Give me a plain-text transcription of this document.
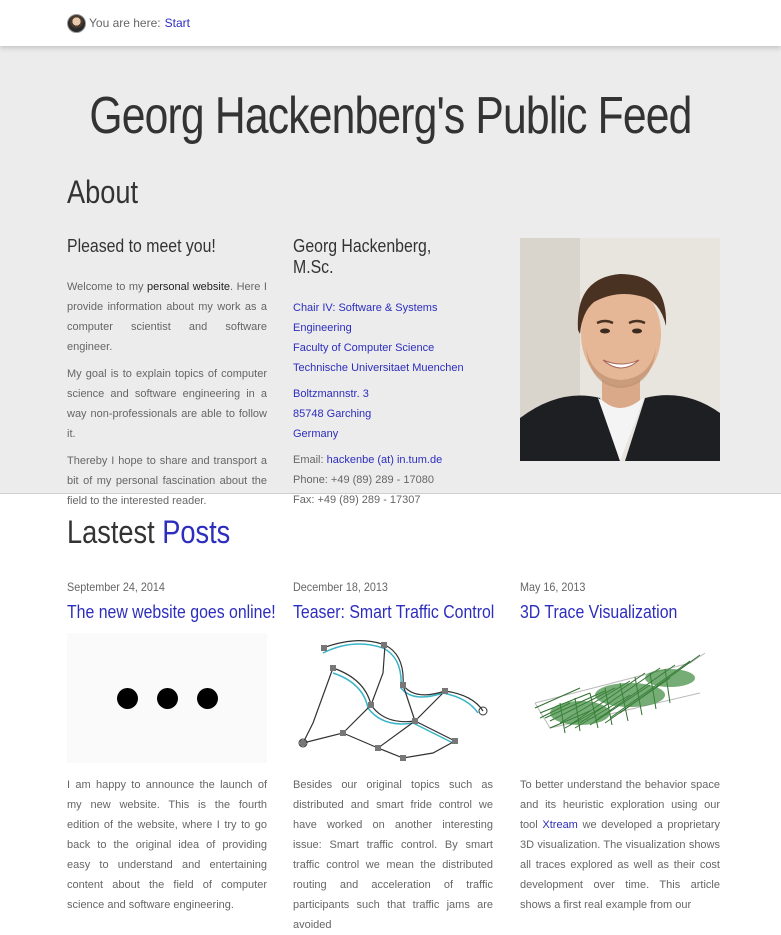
You are here: Start
Georg Hackenberg's Public Feed
About
Pleased to meet you!

Welcome to my personal website. Here I provide information about my work as a computer scientist and software engineer.

My goal is to explain topics of computer science and software engineering in a way non-professionals are able to follow it.

Thereby I hope to share and transport a bit of my personal fascination about the field to the interested reader.

Georg Hackenberg, M.Sc.
Chair IV: Software & Systems Engineering
Faculty of Computer Science
Technische Universitaet Muenchen
Boltzmannstr. 3
85748 Garching
Germany
Email: hackenbe (at) in.tum.de
Phone: +49 (89) 289 - 17080
Fax: +49 (89) 289 - 17307
Lastest Posts
September 24, 2014
The new website goes online!
I am happy to announce the launch of my new website. This is the fourth edition of the website, where I try to go back to the original idea of providing easy to understand and entertaining content about the field of computer science and software engineering.
December 18, 2013
Teaser: Smart Traffic Control
Besides our original topics such as distributed and smart fride control we have worked on another interesting issue: Smart traffic control. By smart traffic control we mean the distributed routing and acceleration of traffic participants such that traffic jams are avoided
May 16, 2013
3D Trace Visualization
To better understand the behavior space and its heuristic exploration using our tool Xtream we developed a proprietary 3D visualization. The visualization shows all traces explored as well as their cost development over time. This article shows a first real example from our
